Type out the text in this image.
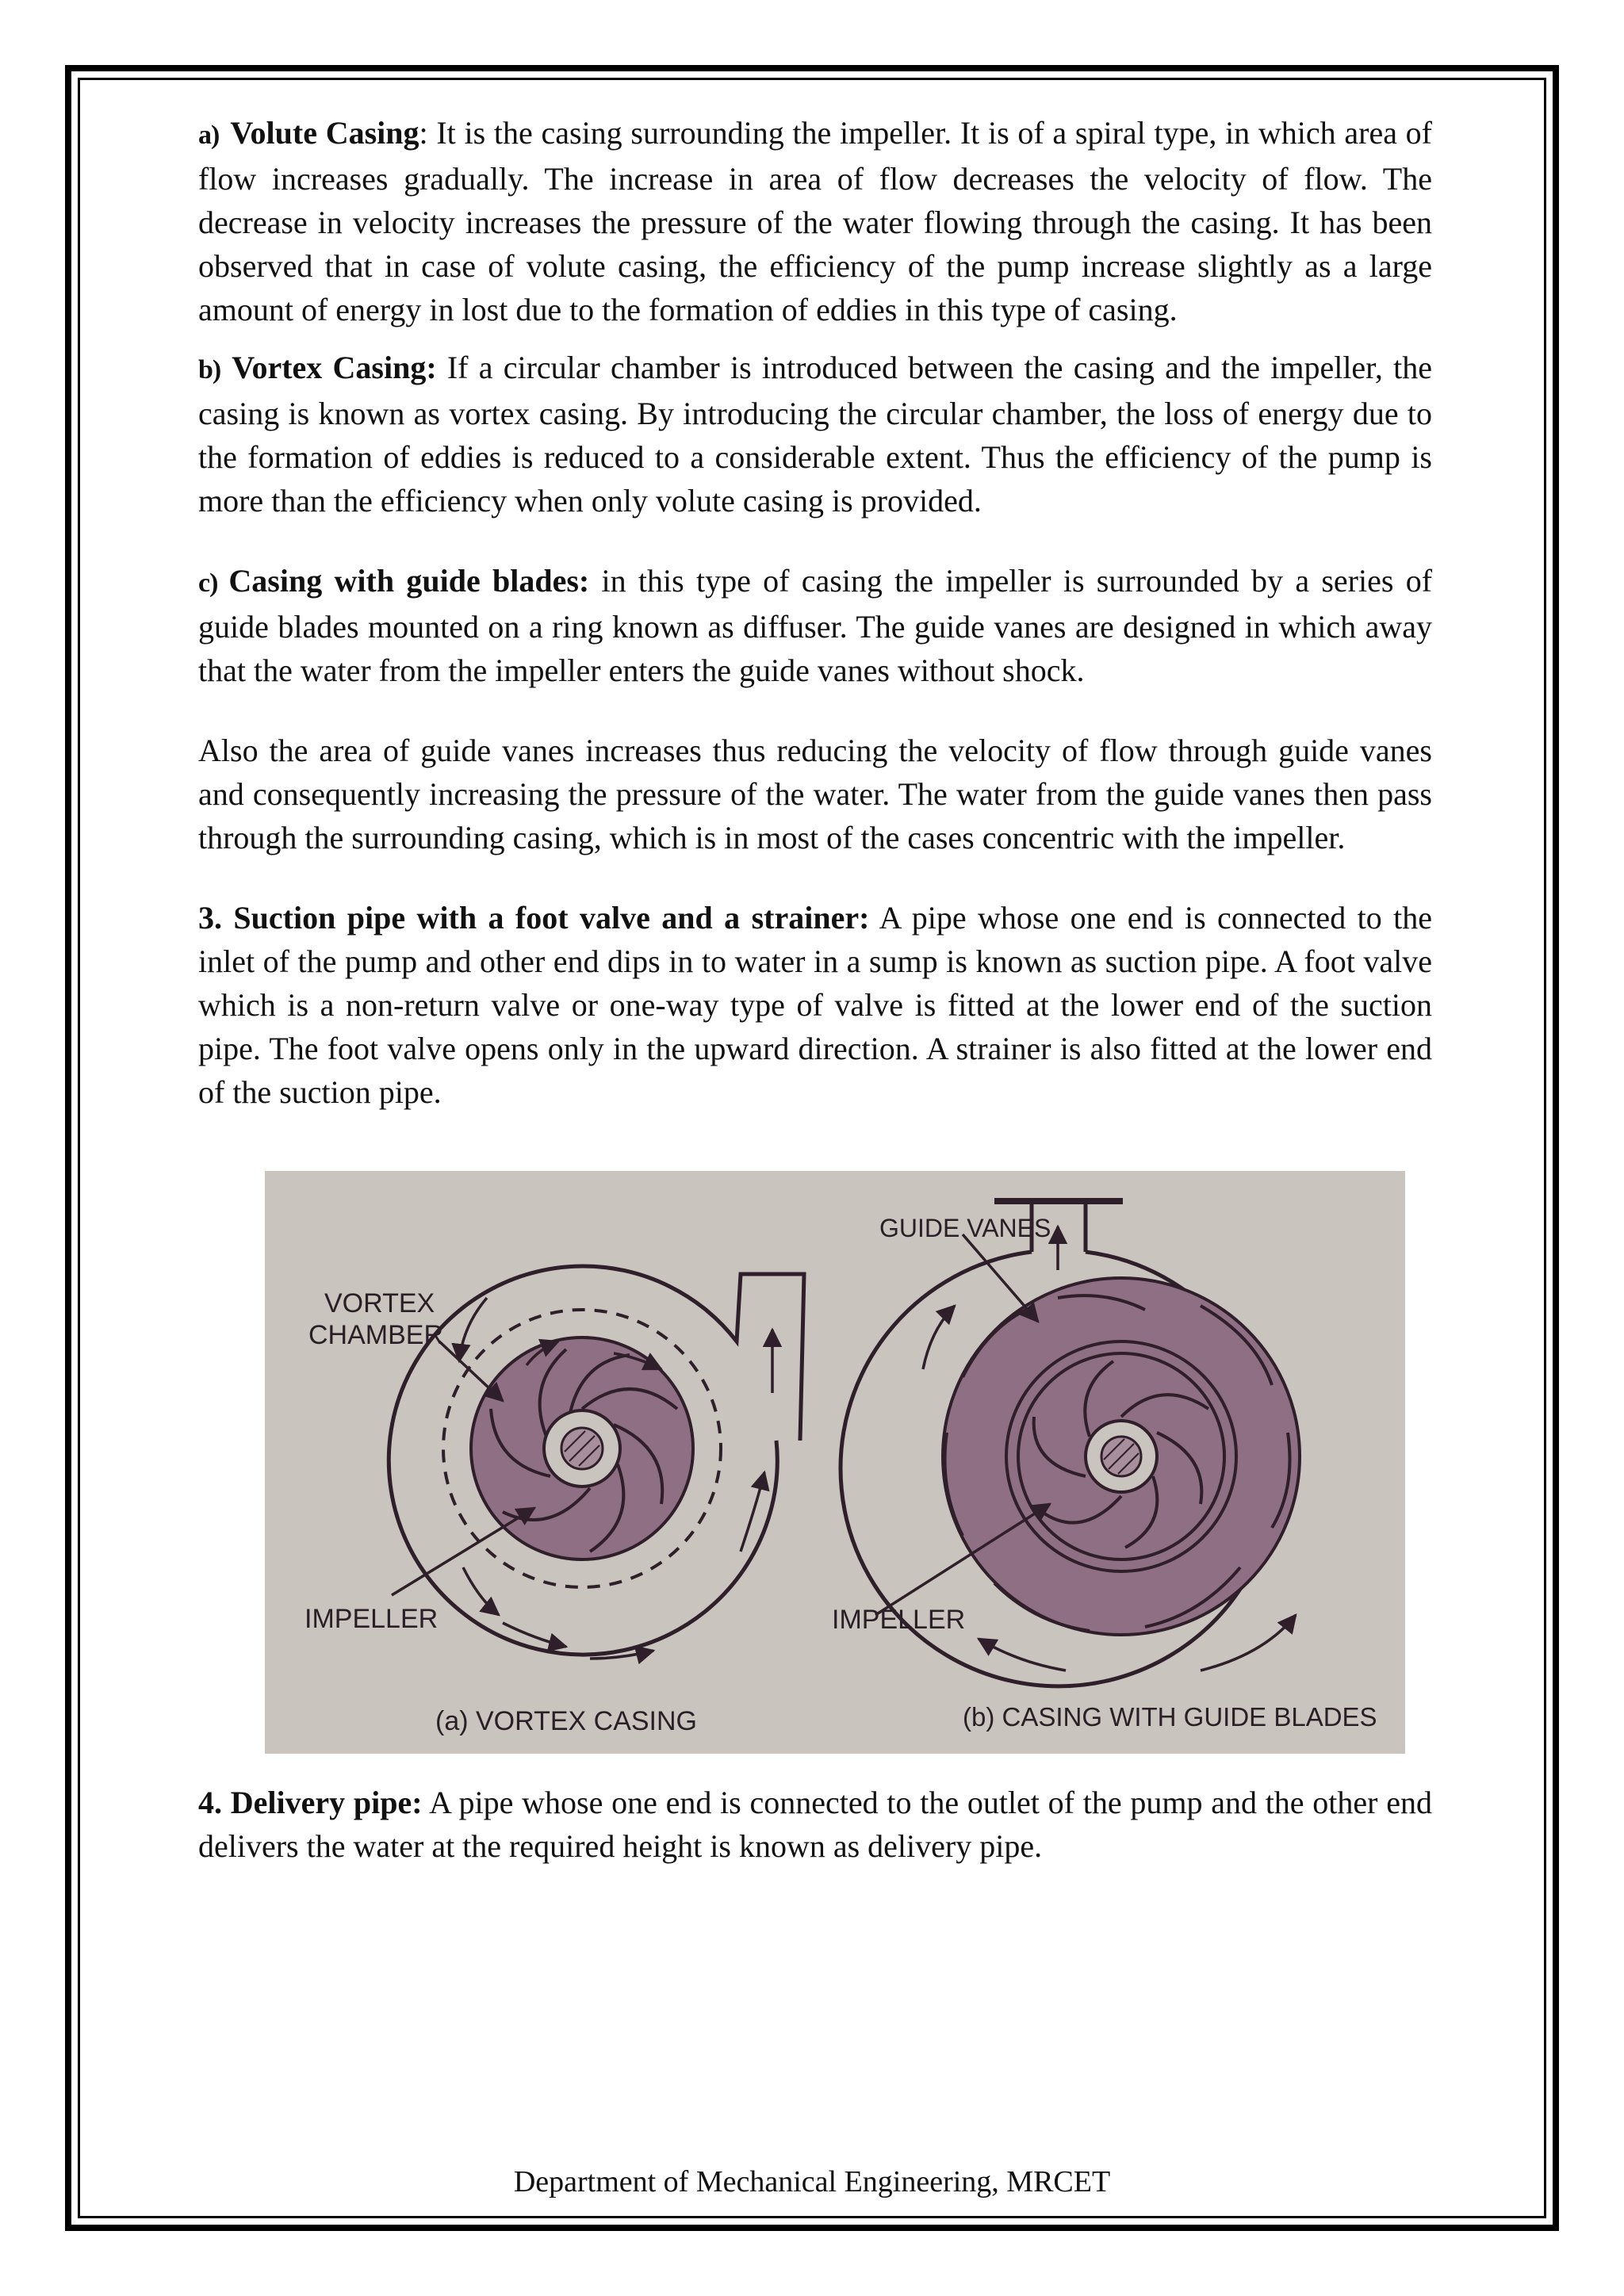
a) Volute Casing: It is the casing surrounding the impeller. It is of a spiral type, in which area of flow increases gradually. The increase in area of flow decreases the velocity of flow. The decrease in velocity increases the pressure of the water flowing through the casing. It has been observed that in case of volute casing, the efficiency of the pump increase slightly as a large amount of energy in lost due to the formation of eddies in this type of casing.

b) Vortex Casing: If a circular chamber is introduced between the casing and the impeller, the casing is known as vortex casing. By introducing the circular chamber, the loss of energy due to the formation of eddies is reduced to a considerable extent. Thus the efficiency of the pump is more than the efficiency when only volute casing is provided.

c) Casing with guide blades: in this type of casing the impeller is surrounded by a series of guide blades mounted on a ring known as diffuser. The guide vanes are designed in which away that the water from the impeller enters the guide vanes without shock.

Also the area of guide vanes increases thus reducing the velocity of flow through guide vanes and consequently increasing the pressure of the water. The water from the guide vanes then pass through the surrounding casing, which is in most of the cases concentric with the impeller.

3. Suction pipe with a foot valve and a strainer: A pipe whose one end is connected to the inlet of the pump and other end dips in to water in a sump is known as suction pipe. A foot valve which is a non-return valve or one-way type of valve is fitted at the lower end of the suction pipe. The foot valve opens only in the upward direction. A strainer is also fitted at the lower end of the suction pipe.

VORTEX
CHAMBER
IMPELLER
(a) VORTEX CASING
GUIDE VANES
IMPELLER
(b) CASING WITH GUIDE BLADES

4. Delivery pipe: A pipe whose one end is connected to the outlet of the pump and the other end delivers the water at the required height is known as delivery pipe.

Department of Mechanical Engineering, MRCET
